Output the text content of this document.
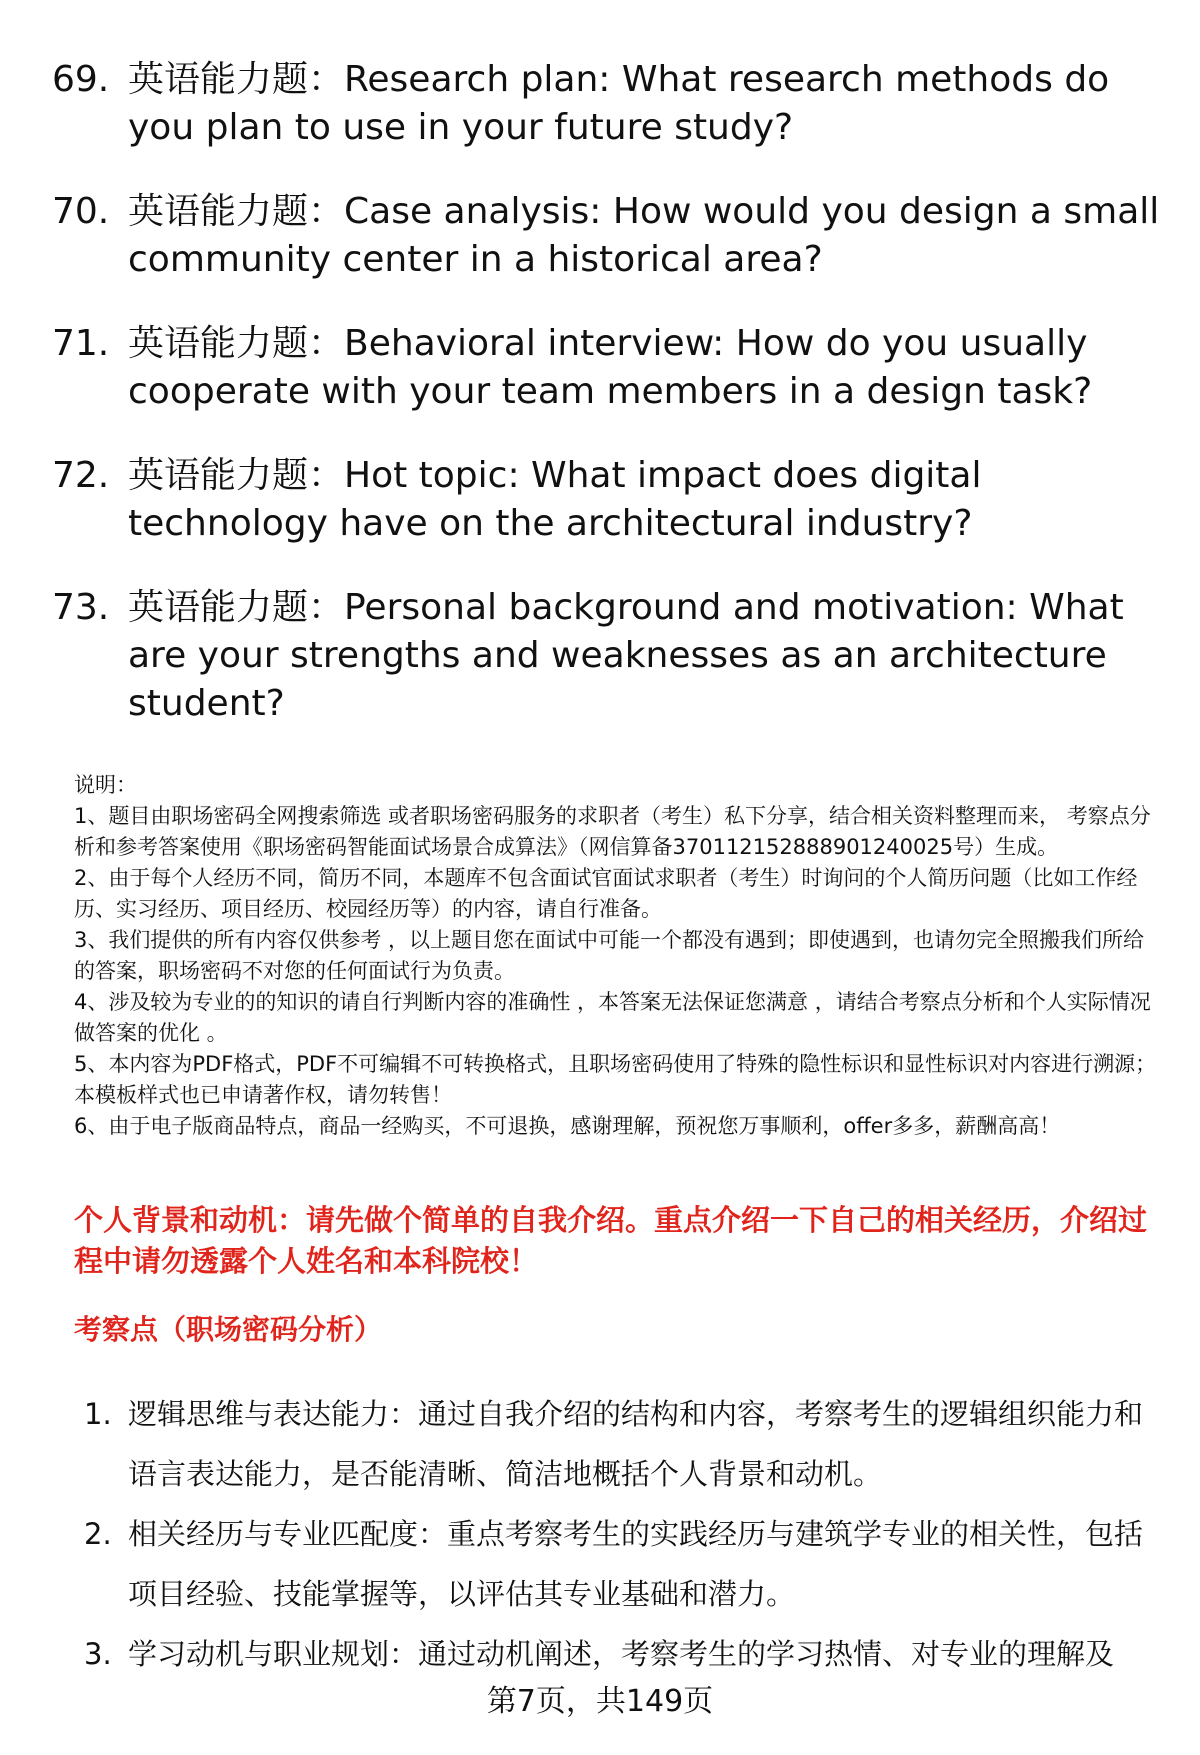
69. 英语能力题：Research plan: What research methods do you plan to use in your future study?
70. 英语能力题：Case analysis: How would you design a small community center in a historical area?
71. 英语能力题：Behavioral interview: How do you usually cooperate with your team members in a design task?
72. 英语能力题：Hot topic: What impact does digital technology have on the architectural industry?
73. 英语能力题：Personal background and motivation: What are your strengths and weaknesses as an architecture student?

说明：

1、题目由职场密码全网搜索筛选 或者职场密码服务的求职者（考生）私下分享，结合相关资料整理而来， 考察点分析和参考答案使用《职场密码智能面试场景合成算法》（网信算备370112152888901240025号）生成。

2、由于每个人经历不同，简历不同，本题库不包含面试官面试求职者（考生）时询问的个人简历问题（比如工作经历、实习经历、项目经历、校园经历等）的内容，请自行准备。

3、我们提供的所有内容仅供参考 ，以上题目您在面试中可能一个都没有遇到；即使遇到，也请勿完全照搬我们所给的答案，职场密码不对您的任何面试行为负责。

4、涉及较为专业的的知识的请自行判断内容的准确性 ，本答案无法保证您满意 ，请结合考察点分析和个人实际情况做答案的优化 。

5、本内容为PDF格式，PDF不可编辑不可转换格式，且职场密码使用了特殊的隐性标识和显性标识对内容进行溯源；本模板样式也已申请著作权，请勿转售！

6、由于电子版商品特点，商品一经购买，不可退换，感谢理解，预祝您万事顺利，offer多多，薪酬高高！

个人背景和动机：请先做个简单的自我介绍。重点介绍一下自己的相关经历，介绍过程中请勿透露个人姓名和本科院校！
考察点（职场密码分析）
1. 逻辑思维与表达能力：通过自我介绍的结构和内容，考察考生的逻辑组织能力和语言表达能力，是否能清晰、简洁地概括个人背景和动机。
2. 相关经历与专业匹配度：重点考察考生的实践经历与建筑学专业的相关性，包括项目经验、技能掌握等，以评估其专业基础和潜力。
3. 学习动机与职业规划：通过动机阐述，考察考生的学习热情、对专业的理解及
第7页，共149页
